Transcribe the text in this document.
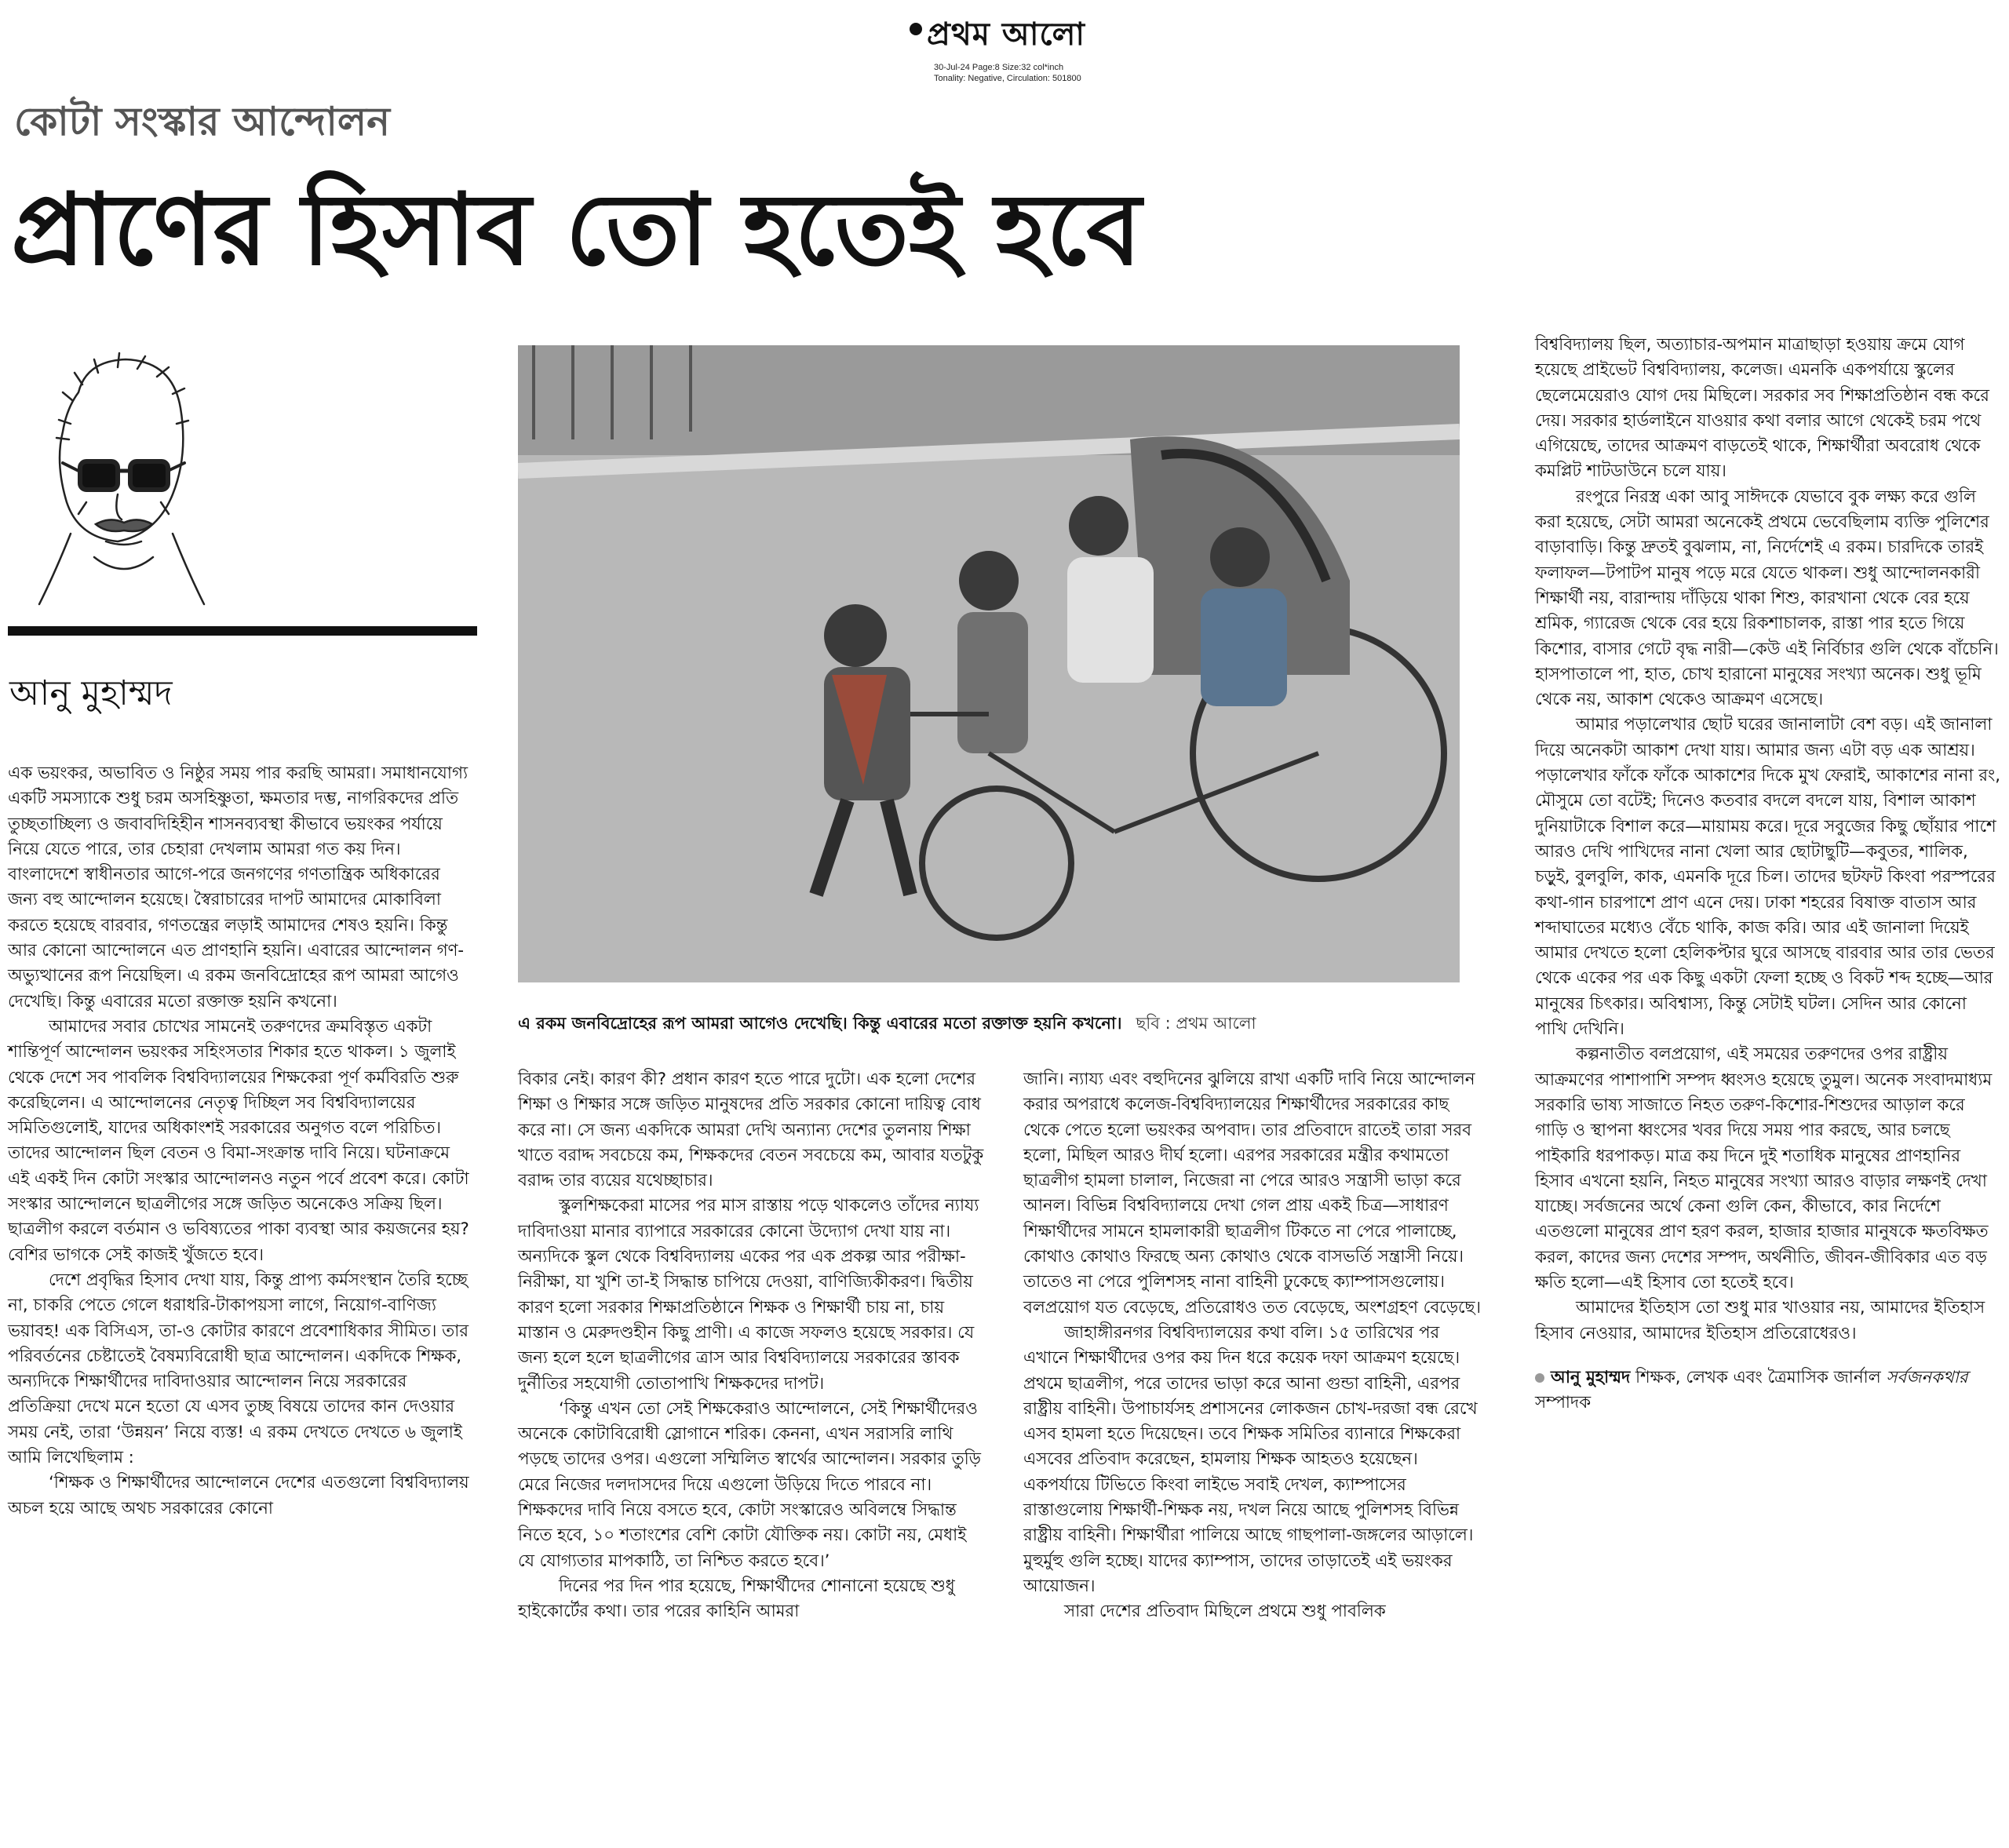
প্রথম আলো
30-Jul-24 Page:8 Size:32 col*inch
Tonality: Negative, Circulation: 501800
কোটা সংস্কার আন্দোলন
প্রাণের হিসাব তো হতেই হবে
আনু মুহাম্মদ
এ রকম জনবিদ্রোহের রূপ আমরা আগেও দেখেছি। কিন্তু এবারের মতো রক্তাক্ত হয়নি কখনো। ছবি : প্রথম আলো

এক ভয়ংকর, অভাবিত ও নিষ্ঠুর সময় পার করছি আমরা। সমাধানযোগ্য একটি সমস্যাকে শুধু চরম অসহিষ্ণুতা, ক্ষমতার দম্ভ, নাগরিকদের প্রতি তুচ্ছতাচ্ছিল্য ও জবাবদিহিহীন শাসনব্যবস্থা কীভাবে ভয়ংকর পর্যায়ে নিয়ে যেতে পারে, তার চেহারা দেখলাম আমরা গত কয় দিন। বাংলাদেশে স্বাধীনতার আগে-পরে জনগণের গণতান্ত্রিক অধিকারের জন্য বহু আন্দোলন হয়েছে। স্বৈরাচারের দাপট আমাদের মোকাবিলা করতে হয়েছে বারবার, গণতন্ত্রের লড়াই আমাদের শেষও হয়নি। কিন্তু আর কোনো আন্দোলনে এত প্রাণহানি হয়নি। এবারের আন্দোলন গণ-অভ্যুত্থানের রূপ নিয়েছিল। এ রকম জনবিদ্রোহের রূপ আমরা আগেও দেখেছি। কিন্তু এবারের মতো রক্তাক্ত হয়নি কখনো।

আমাদের সবার চোখের সামনেই তরুণদের ক্রমবিস্তৃত একটা শান্তিপূর্ণ আন্দোলন ভয়ংকর সহিংসতার শিকার হতে থাকল। ১ জুলাই থেকে দেশে সব পাবলিক বিশ্ববিদ্যালয়ের শিক্ষকেরা পূর্ণ কর্মবিরতি শুরু করেছিলেন। এ আন্দোলনের নেতৃত্ব দিচ্ছিল সব বিশ্ববিদ্যালয়ের সমিতিগুলোই, যাদের অধিকাংশই সরকারের অনুগত বলে পরিচিত। তাদের আন্দোলন ছিল বেতন ও বিমা-সংক্রান্ত দাবি নিয়ে। ঘটনাক্রমে এই একই দিন কোটা সংস্কার আন্দোলনও নতুন পর্বে প্রবেশ করে। কোটা সংস্কার আন্দোলনে ছাত্রলীগের সঙ্গে জড়িত অনেকেও সক্রিয় ছিল। ছাত্রলীগ করলে বর্তমান ও ভবিষ্যতের পাকা ব্যবস্থা আর কয়জনের হয়? বেশির ভাগকে সেই কাজই খুঁজতে হবে।

দেশে প্রবৃদ্ধির হিসাব দেখা যায়, কিন্তু প্রাপ্য কর্মসংস্থান তৈরি হচ্ছে না, চাকরি পেতে গেলে ধরাধরি-টাকাপয়সা লাগে, নিয়োগ-বাণিজ্য ভয়াবহ! এক বিসিএস, তা-ও কোটার কারণে প্রবেশাধিকার সীমিত। তার পরিবর্তনের চেষ্টাতেই বৈষম্যবিরোধী ছাত্র আন্দোলন। একদিকে শিক্ষক, অন্যদিকে শিক্ষার্থীদের দাবিদাওয়ার আন্দোলন নিয়ে সরকারের প্রতিক্রিয়া দেখে মনে হতো যে এসব তুচ্ছ বিষয়ে তাদের কান দেওয়ার সময় নেই, তারা ‘উন্নয়ন’ নিয়ে ব্যস্ত! এ রকম দেখতে দেখতে ৬ জুলাই আমি লিখেছিলাম :

‘শিক্ষক ও শিক্ষার্থীদের আন্দোলনে দেশের এতগুলো বিশ্ববিদ্যালয় অচল হয়ে আছে অথচ সরকারের কোনো

বিকার নেই। কারণ কী? প্রধান কারণ হতে পারে দুটো। এক হলো দেশের শিক্ষা ও শিক্ষার সঙ্গে জড়িত মানুষদের প্রতি সরকার কোনো দায়িত্ব বোধ করে না। সে জন্য একদিকে আমরা দেখি অন্যান্য দেশের তুলনায় শিক্ষা খাতে বরাদ্দ সবচেয়ে কম, শিক্ষকদের বেতন সবচেয়ে কম, আবার যতটুকু বরাদ্দ তার ব্যয়ের যথেচ্ছাচার।

স্কুলশিক্ষকেরা মাসের পর মাস রাস্তায় পড়ে থাকলেও তাঁদের ন্যায্য দাবিদাওয়া মানার ব্যাপারে সরকারের কোনো উদ্যোগ দেখা যায় না। অন্যদিকে স্কুল থেকে বিশ্ববিদ্যালয় একের পর এক প্রকল্প আর পরীক্ষা-নিরীক্ষা, যা খুশি তা-ই সিদ্ধান্ত চাপিয়ে দেওয়া, বাণিজ্যিকীকরণ। দ্বিতীয় কারণ হলো সরকার শিক্ষাপ্রতিষ্ঠানে শিক্ষক ও শিক্ষার্থী চায় না, চায় মাস্তান ও মেরুদণ্ডহীন কিছু প্রাণী। এ কাজে সফলও হয়েছে সরকার। যে জন্য হলে হলে ছাত্রলীগের ত্রাস আর বিশ্ববিদ্যালয়ে সরকারের স্তাবক দুর্নীতির সহযোগী তোতাপাখি শিক্ষকদের দাপট।

‘কিন্তু এখন তো সেই শিক্ষকেরাও আন্দোলনে, সেই শিক্ষার্থীদেরও অনেকে কোটাবিরোধী স্লোগানে শরিক। কেননা, এখন সরাসরি লাথি পড়ছে তাদের ওপর। এগুলো সম্মিলিত স্বার্থের আন্দোলন। সরকার তুড়ি মেরে নিজের দলদাসদের দিয়ে এগুলো উড়িয়ে দিতে পারবে না। শিক্ষকদের দাবি নিয়ে বসতে হবে, কোটা সংস্কারেও অবিলম্বে সিদ্ধান্ত নিতে হবে, ১০ শতাংশের বেশি কোটা যৌক্তিক নয়। কোটা নয়, মেধাই যে যোগ্যতার মাপকাঠি, তা নিশ্চিত করতে হবে।’

দিনের পর দিন পার হয়েছে, শিক্ষার্থীদের শোনানো হয়েছে শুধু হাইকোর্টের কথা। তার পরের কাহিনি আমরা

জানি। ন্যায্য এবং বহুদিনের ঝুলিয়ে রাখা একটি দাবি নিয়ে আন্দোলন করার অপরাধে কলেজ-বিশ্ববিদ্যালয়ের শিক্ষার্থীদের সরকারের কাছ থেকে পেতে হলো ভয়ংকর অপবাদ। তার প্রতিবাদে রাতেই তারা সরব হলো, মিছিল আরও দীর্ঘ হলো। এরপর সরকারের মন্ত্রীর কথামতো ছাত্রলীগ হামলা চালাল, নিজেরা না পেরে আরও সন্ত্রাসী ভাড়া করে আনল। বিভিন্ন বিশ্ববিদ্যালয়ে দেখা গেল প্রায় একই চিত্র—সাধারণ শিক্ষার্থীদের সামনে হামলাকারী ছাত্রলীগ টিকতে না পেরে পালাচ্ছে, কোথাও কোথাও ফিরছে অন্য কোথাও থেকে বাসভর্তি সন্ত্রাসী নিয়ে। তাতেও না পেরে পুলিশসহ নানা বাহিনী ঢুকেছে ক্যাম্পাসগুলোয়। বলপ্রয়োগ যত বেড়েছে, প্রতিরোধও তত বেড়েছে, অংশগ্রহণ বেড়েছে।

জাহাঙ্গীরনগর বিশ্ববিদ্যালয়ের কথা বলি। ১৫ তারিখের পর এখানে শিক্ষার্থীদের ওপর কয় দিন ধরে কয়েক দফা আক্রমণ হয়েছে। প্রথমে ছাত্রলীগ, পরে তাদের ভাড়া করে আনা গুন্ডা বাহিনী, এরপর রাষ্ট্রীয় বাহিনী। উপাচার্যসহ প্রশাসনের লোকজন চোখ-দরজা বন্ধ রেখে এসব হামলা হতে দিয়েছেন। তবে শিক্ষক সমিতির ব্যানারে শিক্ষকেরা এসবের প্রতিবাদ করেছেন, হামলায় শিক্ষক আহতও হয়েছেন। একপর্যায়ে টিভিতে কিংবা লাইভে সবাই দেখল, ক্যাম্পাসের রাস্তাগুলোয় শিক্ষার্থী-শিক্ষক নয়, দখল নিয়ে আছে পুলিশসহ বিভিন্ন রাষ্ট্রীয় বাহিনী। শিক্ষার্থীরা পালিয়ে আছে গাছপালা-জঙ্গলের আড়ালে। মুহুর্মুহু গুলি হচ্ছে। যাদের ক্যাম্পাস, তাদের তাড়াতেই এই ভয়ংকর আয়োজন।

সারা দেশের প্রতিবাদ মিছিলে প্রথমে শুধু পাবলিক

বিশ্ববিদ্যালয় ছিল, অত্যাচার-অপমান মাত্রাছাড়া হওয়ায় ক্রমে যোগ হয়েছে প্রাইভেট বিশ্ববিদ্যালয়, কলেজ। এমনকি একপর্যায়ে স্কুলের ছেলেমেয়েরাও যোগ দেয় মিছিলে। সরকার সব শিক্ষাপ্রতিষ্ঠান বন্ধ করে দেয়। সরকার হার্ডলাইনে যাওয়ার কথা বলার আগে থেকেই চরম পথে এগিয়েছে, তাদের আক্রমণ বাড়তেই থাকে, শিক্ষার্থীরা অবরোধ থেকে কমপ্লিট শাটডাউনে চলে যায়।

রংপুরে নিরস্ত্র একা আবু সাঈদকে যেভাবে বুক লক্ষ্য করে গুলি করা হয়েছে, সেটা আমরা অনেকেই প্রথমে ভেবেছিলাম ব্যক্তি পুলিশের বাড়াবাড়ি। কিন্তু দ্রুতই বুঝলাম, না, নির্দেশেই এ রকম। চারদিকে তারই ফলাফল—টপাটপ মানুষ পড়ে মরে যেতে থাকল। শুধু আন্দোলনকারী শিক্ষার্থী নয়, বারান্দায় দাঁড়িয়ে থাকা শিশু, কারখানা থেকে বের হয়ে শ্রমিক, গ্যারেজ থেকে বের হয়ে রিকশাচালক, রাস্তা পার হতে গিয়ে কিশোর, বাসার গেটে বৃদ্ধ নারী—কেউ এই নির্বিচার গুলি থেকে বাঁচেনি। হাসপাতালে পা, হাত, চোখ হারানো মানুষের সংখ্যা অনেক। শুধু ভূমি থেকে নয়, আকাশ থেকেও আক্রমণ এসেছে।

আমার পড়ালেখার ছোট ঘরের জানালাটা বেশ বড়। এই জানালা দিয়ে অনেকটা আকাশ দেখা যায়। আমার জন্য এটা বড় এক আশ্রয়। পড়ালেখার ফাঁকে ফাঁকে আকাশের দিকে মুখ ফেরাই, আকাশের নানা রং, মৌসুমে তো বটেই; দিনেও কতবার বদলে বদলে যায়, বিশাল আকাশ দুনিয়াটাকে বিশাল করে—মায়াময় করে। দূরে সবুজের কিছু ছোঁয়ার পাশে আরও দেখি পাখিদের নানা খেলা আর ছোটাছুটি—কবুতর, শালিক, চড়ুই, বুলবুলি, কাক, এমনকি দূরে চিল। তাদের ছটফট কিংবা পরস্পরের কথা-গান চারপাশে প্রাণ এনে দেয়। ঢাকা শহরের বিষাক্ত বাতাস আর শব্দাঘাতের মধ্যেও বেঁচে থাকি, কাজ করি। আর এই জানালা দিয়েই আমার দেখতে হলো হেলিকপ্টার ঘুরে আসছে বারবার আর তার ভেতর থেকে একের পর এক কিছু একটা ফেলা হচ্ছে ও বিকট শব্দ হচ্ছে—আর মানুষের চিৎকার। অবিশ্বাস্য, কিন্তু সেটাই ঘটল। সেদিন আর কোনো পাখি দেখিনি।

কল্পনাতীত বলপ্রয়োগ, এই সময়ের তরুণদের ওপর রাষ্ট্রীয় আক্রমণের পাশাপাশি সম্পদ ধ্বংসও হয়েছে তুমুল। অনেক সংবাদমাধ্যম সরকারি ভাষ্য সাজাতে নিহত তরুণ-কিশোর-শিশুদের আড়াল করে গাড়ি ও স্থাপনা ধ্বংসের খবর দিয়ে সময় পার করছে, আর চলছে পাইকারি ধরপাকড়। মাত্র কয় দিনে দুই শতাধিক মানুষের প্রাণহানির হিসাব এখনো হয়নি, নিহত মানুষের সংখ্যা আরও বাড়ার লক্ষণই দেখা যাচ্ছে। সর্বজনের অর্থে কেনা গুলি কেন, কীভাবে, কার নির্দেশে এতগুলো মানুষের প্রাণ হরণ করল, হাজার হাজার মানুষকে ক্ষতবিক্ষত করল, কাদের জন্য দেশের সম্পদ, অর্থনীতি, জীবন-জীবিকার এত বড় ক্ষতি হলো—এই হিসাব তো হতেই হবে।

আমাদের ইতিহাস তো শুধু মার খাওয়ার নয়, আমাদের ইতিহাস হিসাব নেওয়ার, আমাদের ইতিহাস প্রতিরোধেরও।

আনু মুহাম্মদ শিক্ষক, লেখক এবং ত্রৈমাসিক জার্নাল সর্বজনকথার সম্পাদক
